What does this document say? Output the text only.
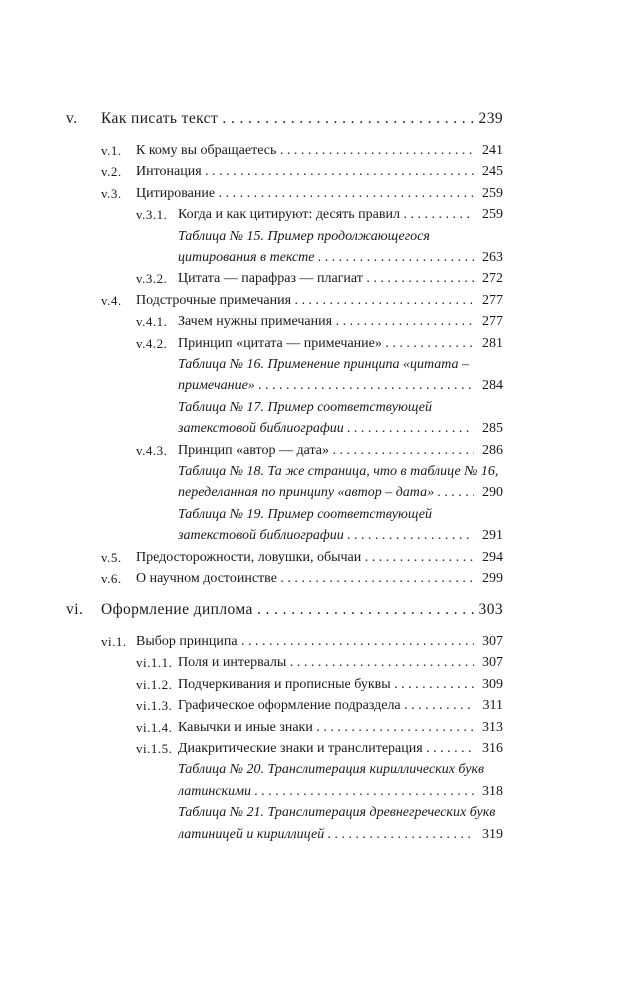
v. Как писать текст . . .	239
v.1. К кому вы обращаетесь . . .	241
v.2. Интонация . . .	245
v.3. Цитирование . . .	259
v.3.1. Когда и как цитируют: десять правил . . .	259
Таблица № 15. Пример продолжающегося
цитирования в тексте . . .	263
v.3.2. Цитата — парафраз — плагиат . . .	272
v.4. Подстрочные примечания . . .	277
v.4.1. Зачем нужны примечания . . .	277
v.4.2. Принцип «цитата — примечание» . . .	281
Таблица № 16. Применение принципа «цитата –
примечание» . . .	284
Таблица № 17. Пример соответствующей
затекстовой библиографии . . .	285
v.4.3. Принцип «автор — дата» . . .	286
Таблица № 18. Та же страница, что в таблице № 16,
переделанная по принципу «автор – дата» . . .	290
Таблица № 19. Пример соответствующей
затекстовой библиографии . . .	291
v.5. Предосторожности, ловушки, обычаи . . .	294
v.6. О научном достоинстве . . .	299
vi. Оформление диплома . . .	303
vi.1. Выбор принципа . . .	307
vi.1.1. Поля и интервалы . . .	307
vi.1.2. Подчеркивания и прописные буквы . . .	309
vi.1.3. Графическое оформление подраздела . . .	311
vi.1.4. Кавычки и иные знаки . . .	313
vi.1.5. Диакритические знаки и транслитерация . . .	316
Таблица № 20. Транслитерация кириллических букв
латинскими . . .	318
Таблица № 21. Транслитерация древнегреческих букв
латиницей и кириллицей . . .	319
